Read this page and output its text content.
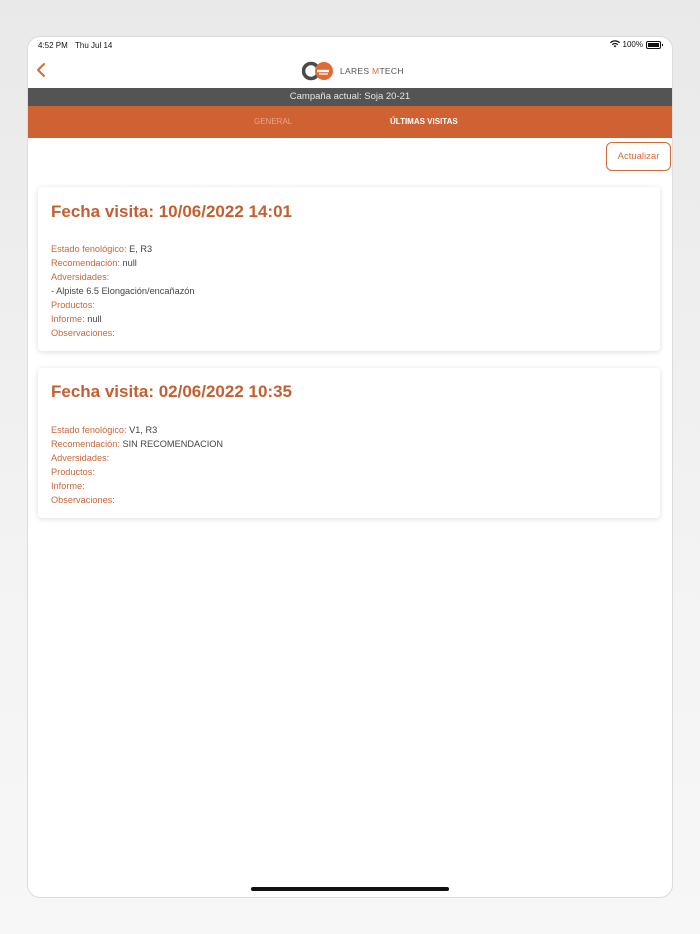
4:52 PM Thu Jul 14	100%
LARES MTECH
Campaña actual: Soja 20-21
GENERAL	ÚLTIMAS VISITAS
Actualizar
Fecha visita: 10/06/2022 14:01
Estado fenológico: E, R3
Recomendación: null
Adversidades:
- Alpiste 6.5 Elongación/encañazón
Productos:
Informe: null
Observaciones:
Fecha visita: 02/06/2022 10:35
Estado fenológico: V1, R3
Recomendación: SIN RECOMENDACION
Adversidades:
Productos:
Informe:
Observaciones:
